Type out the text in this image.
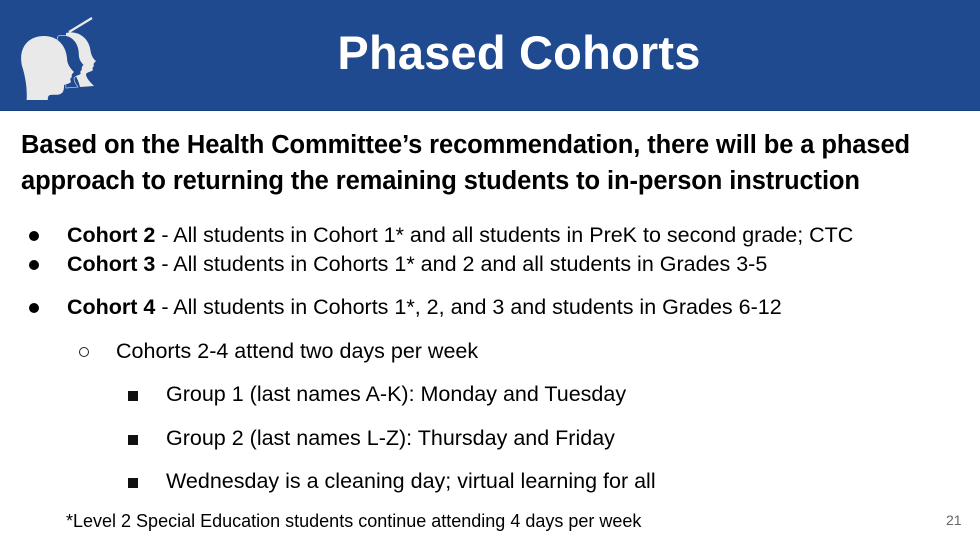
Phased Cohorts
Based on the Health Committee’s recommendation, there will be a phased approach to returning the remaining students to in-person instruction
Cohort 2 - All students in Cohort 1* and all students in PreK to second grade; CTC
Cohort 3 - All students in Cohorts 1* and 2 and all students in Grades 3-5
Cohort 4 - All students in Cohorts 1*, 2, and 3 and students in Grades 6-12
Cohorts 2-4 attend two days per week
Group 1 (last names A-K): Monday and Tuesday
Group 2 (last names L-Z): Thursday and Friday
Wednesday is a cleaning day; virtual learning for all
*Level 2 Special Education students continue attending 4 days per week	21
